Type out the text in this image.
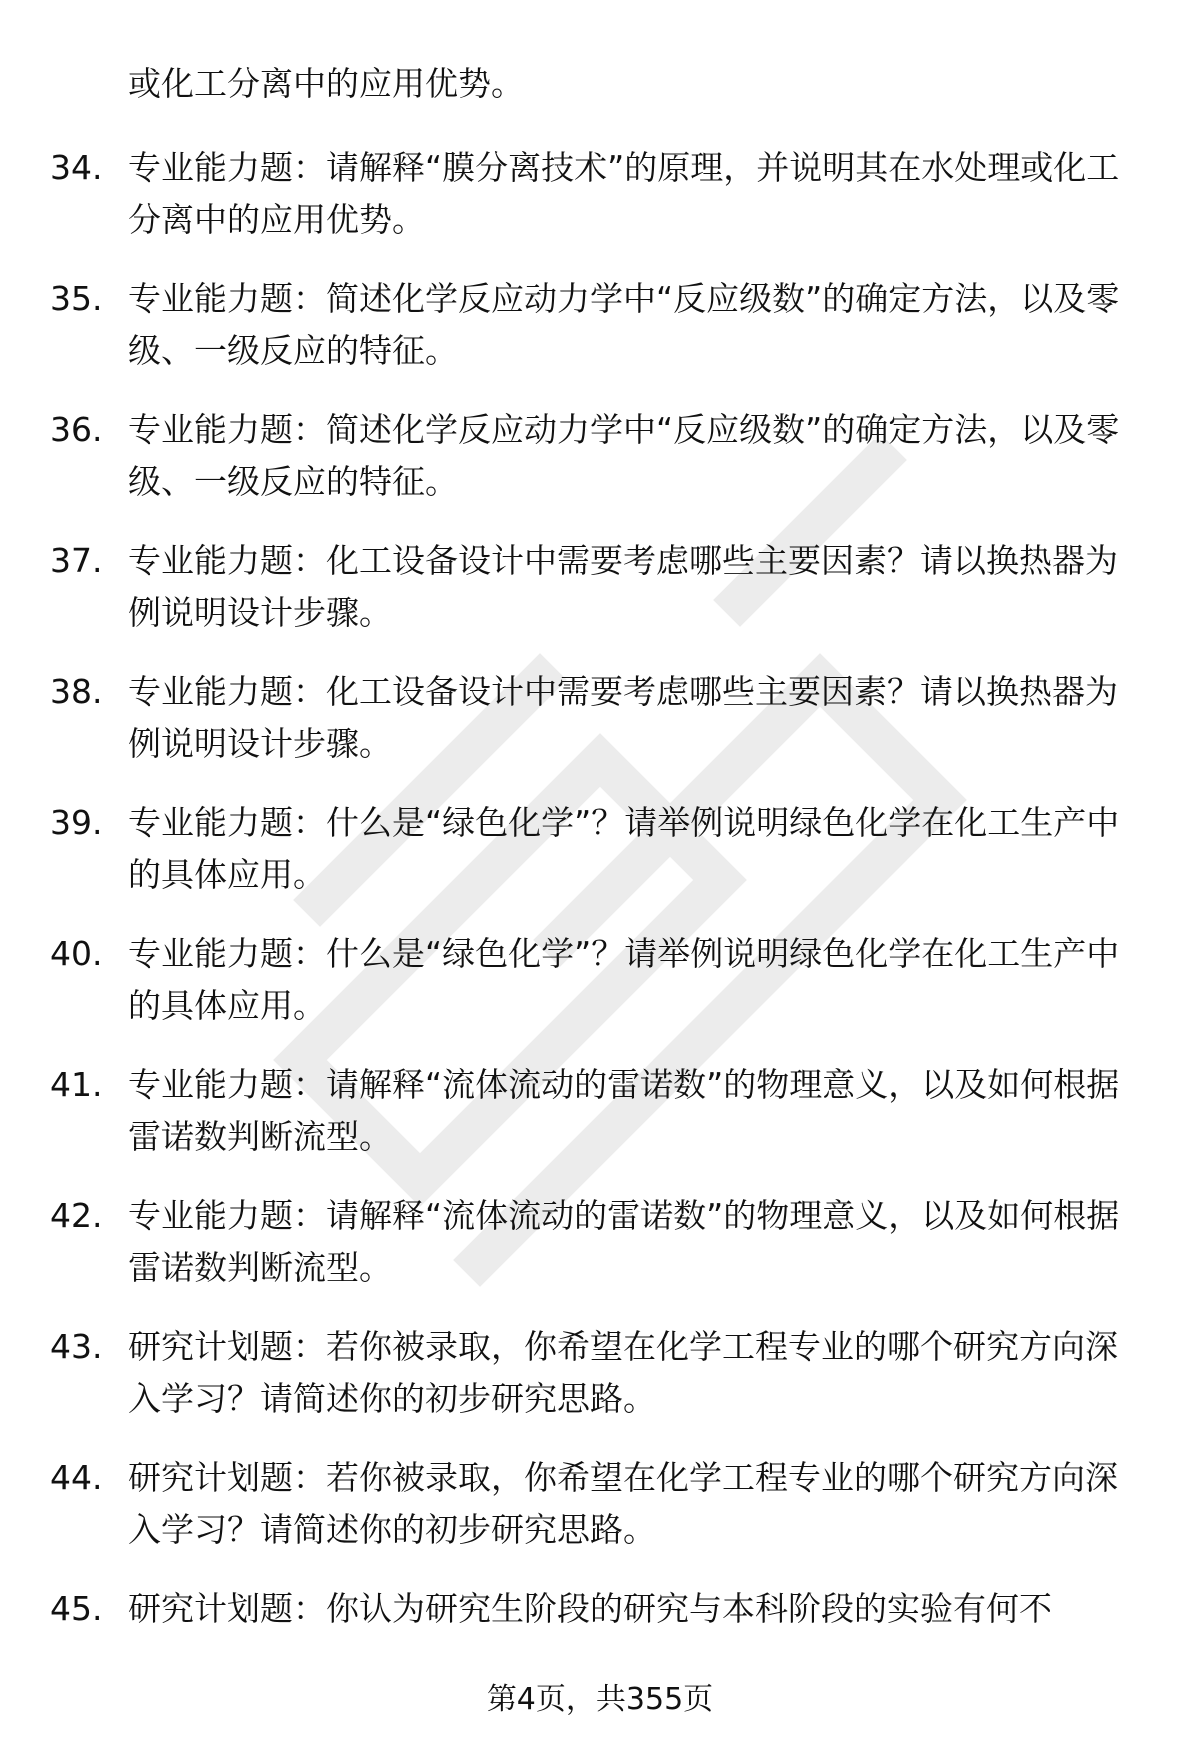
或化工分离中的应用优势。

34. 专业能力题：请解释“膜分离技术”的原理，并说明其在水处理或化工分离中的应用优势。
35. 专业能力题：简述化学反应动力学中“反应级数”的确定方法，以及零级、一级反应的特征。
36. 专业能力题：简述化学反应动力学中“反应级数”的确定方法，以及零级、一级反应的特征。
37. 专业能力题：化工设备设计中需要考虑哪些主要因素？请以换热器为例说明设计步骤。
38. 专业能力题：化工设备设计中需要考虑哪些主要因素？请以换热器为例说明设计步骤。
39. 专业能力题：什么是“绿色化学”？请举例说明绿色化学在化工生产中的具体应用。
40. 专业能力题：什么是“绿色化学”？请举例说明绿色化学在化工生产中的具体应用。
41. 专业能力题：请解释“流体流动的雷诺数”的物理意义，以及如何根据雷诺数判断流型。
42. 专业能力题：请解释“流体流动的雷诺数”的物理意义，以及如何根据雷诺数判断流型。
43. 研究计划题：若你被录取，你希望在化学工程专业的哪个研究方向深入学习？请简述你的初步研究思路。
44. 研究计划题：若你被录取，你希望在化学工程专业的哪个研究方向深入学习？请简述你的初步研究思路。
45. 研究计划题：你认为研究生阶段的研究与本科阶段的实验有何不
第4页，共355页
